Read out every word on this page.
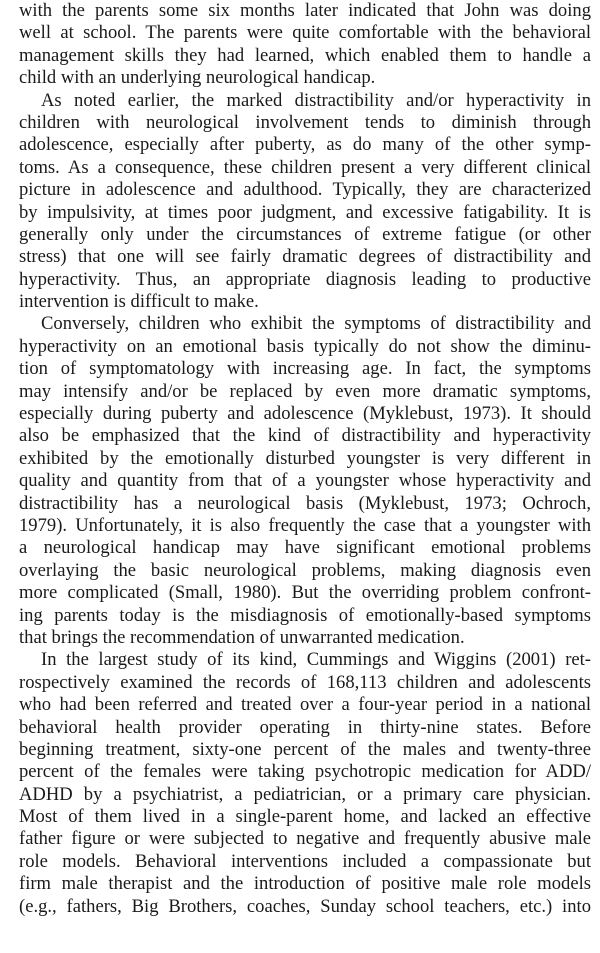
with the parents some six months later indicated that John was doing
well at school. The parents were quite comfortable with the behavioral
management skills they had learned, which enabled them to handle a
child with an underlying neurological handicap.
As noted earlier, the marked distractibility and/or hyperactivity in
children with neurological involvement tends to diminish through
adolescence, especially after puberty, as do many of the other symp-
toms. As a consequence, these children present a very different clinical
picture in adolescence and adulthood. Typically, they are characterized
by impulsivity, at times poor judgment, and excessive fatigability. It is
generally only under the circumstances of extreme fatigue (or other
stress) that one will see fairly dramatic degrees of distractibility and
hyperactivity. Thus, an appropriate diagnosis leading to productive
intervention is difficult to make.
Conversely, children who exhibit the symptoms of distractibility and
hyperactivity on an emotional basis typically do not show the diminu-
tion of symptomatology with increasing age. In fact, the symptoms
may intensify and/or be replaced by even more dramatic symptoms,
especially during puberty and adolescence (Myklebust, 1973). It should
also be emphasized that the kind of distractibility and hyperactivity
exhibited by the emotionally disturbed youngster is very different in
quality and quantity from that of a youngster whose hyperactivity and
distractibility has a neurological basis (Myklebust, 1973; Ochroch,
1979). Unfortunately, it is also frequently the case that a youngster with
a neurological handicap may have significant emotional problems
overlaying the basic neurological problems, making diagnosis even
more complicated (Small, 1980). But the overriding problem confront-
ing parents today is the misdiagnosis of emotionally-based symptoms
that brings the recommendation of unwarranted medication.
In the largest study of its kind, Cummings and Wiggins (2001) ret-
rospectively examined the records of 168,113 children and adolescents
who had been referred and treated over a four-year period in a national
behavioral health provider operating in thirty-nine states. Before
beginning treatment, sixty-one percent of the males and twenty-three
percent of the females were taking psychotropic medication for ADD/
ADHD by a psychiatrist, a pediatrician, or a primary care physician.
Most of them lived in a single-parent home, and lacked an effective
father figure or were subjected to negative and frequently abusive male
role models. Behavioral interventions included a compassionate but
firm male therapist and the introduction of positive male role models
(e.g., fathers, Big Brothers, coaches, Sunday school teachers, etc.) into
